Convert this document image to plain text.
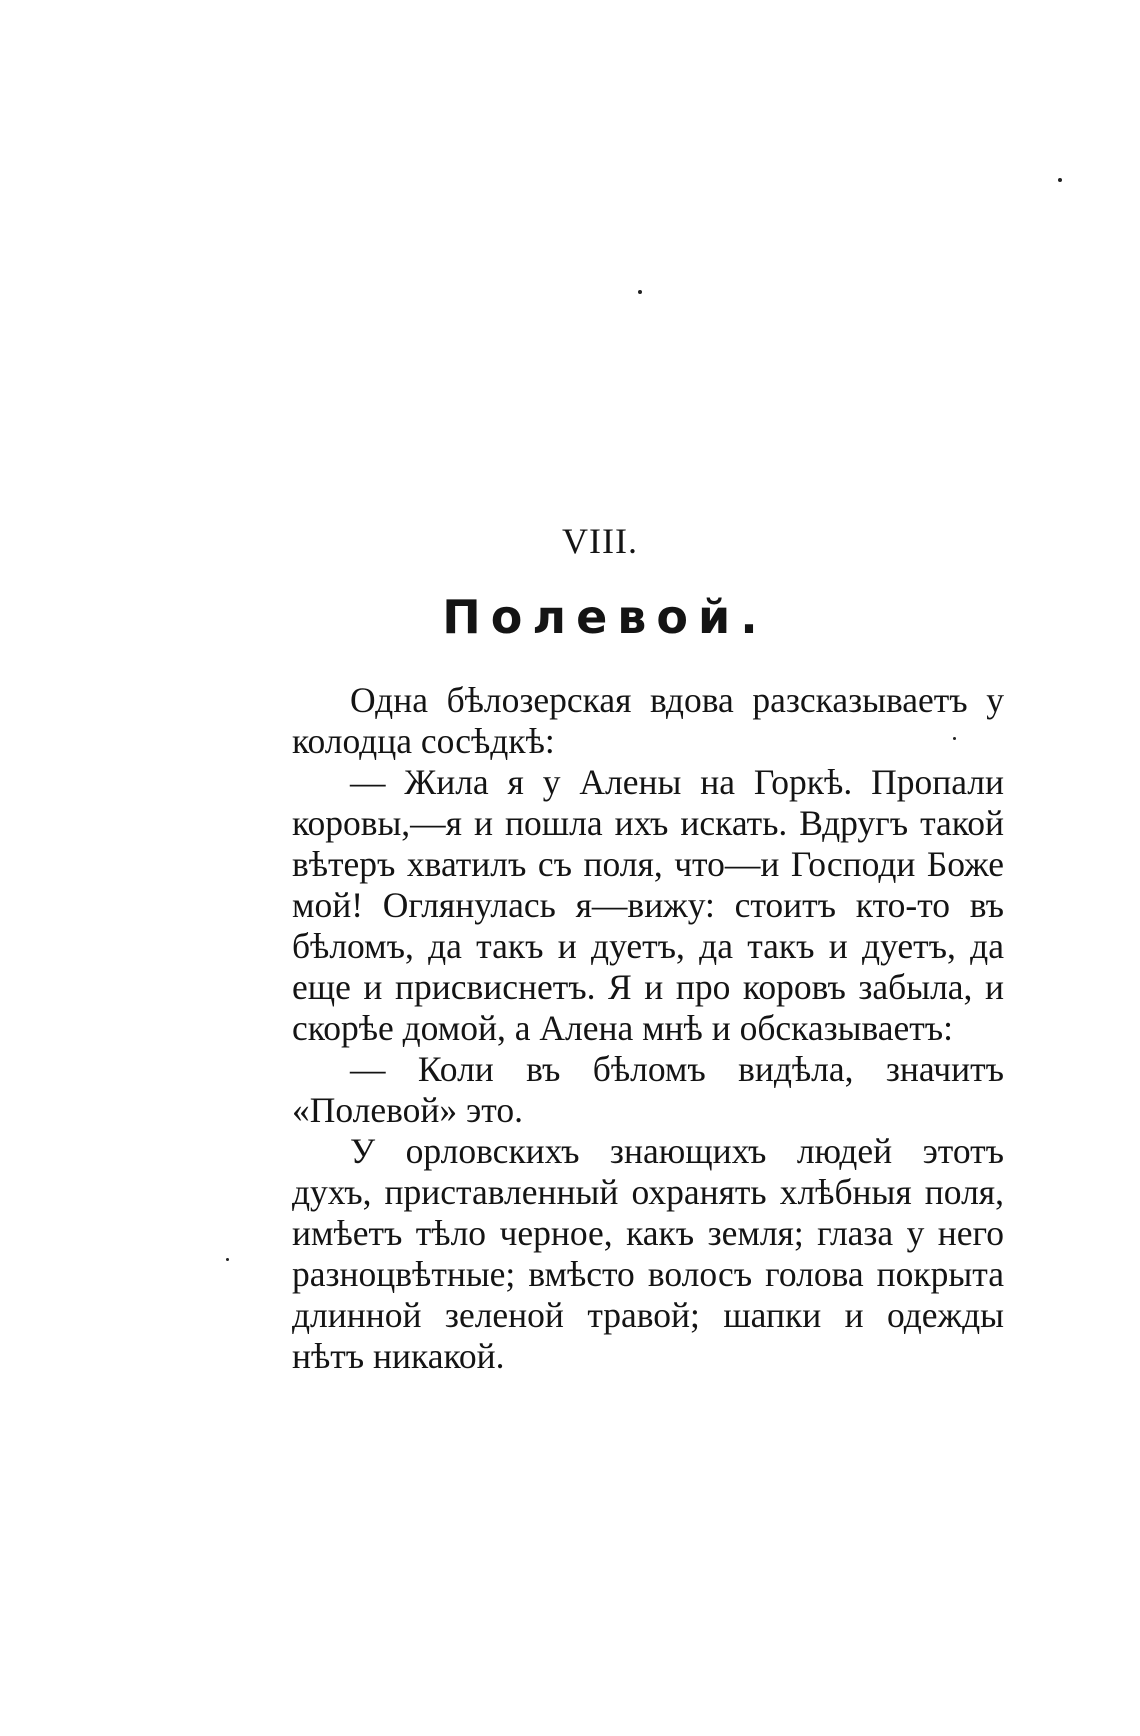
VIII.
Полевой.

Одна бѣлозерская вдова разсказываетъ у колодца сосѣдкѣ:

— Жила я у Алены на Горкѣ. Пропали коровы,—я и пошла ихъ искать. Вдругъ такой вѣтеръ хватилъ съ поля, что—и Господи Боже мой! Оглянулась я—вижу: стоитъ кто-то въ бѣломъ, да такъ и дуетъ, да такъ и дуетъ, да еще и присвиснетъ. Я и про коровъ забыла, и скорѣе домой, а Алена мнѣ и обсказываетъ:

— Коли въ бѣломъ видѣла, значитъ «Полевой» это.

У орловскихъ знающихъ людей этотъ духъ, приставленный охранять хлѣбныя поля, имѣетъ тѣло черное, какъ земля; глаза у него разноцвѣтные; вмѣсто волосъ голова покрыта длинной зеленой травой; шапки и одежды нѣтъ никакой.
